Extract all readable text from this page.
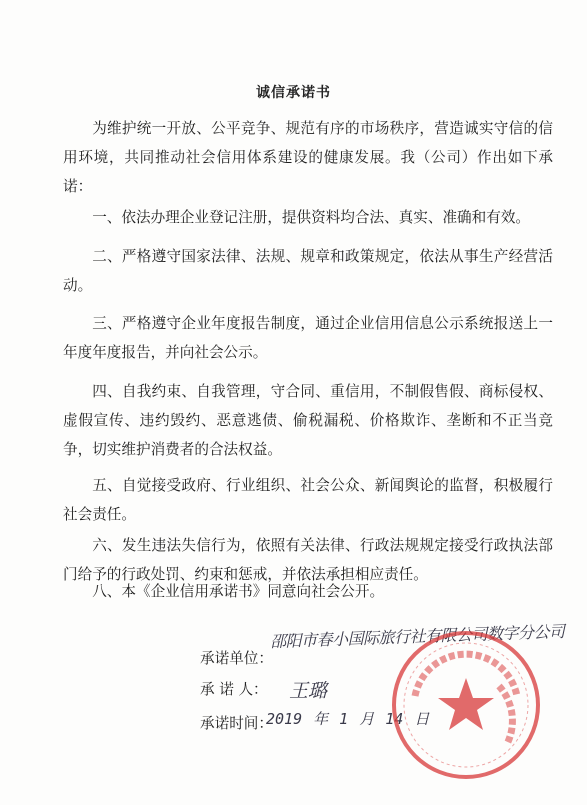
诚信承诺书

为维护统一开放、公平竞争、规范有序的市场秩序，营造诚实守信的信用环境，共同推动社会信用体系建设的健康发展。我（公司）作出如下承诺：

一、依法办理企业登记注册，提供资料均合法、真实、准确和有效。

二、严格遵守国家法律、法规、规章和政策规定，依法从事生产经营活动。

三、严格遵守企业年度报告制度，通过企业信用信息公示系统报送上一年度年度报告，并向社会公示。

四、自我约束、自我管理，守合同、重信用，不制假售假、商标侵权、虚假宣传、违约毁约、恶意逃债、偷税漏税、价格欺诈、垄断和不正当竞争，切实维护消费者的合法权益。

五、自觉接受政府、行业组织、社会公众、新闻舆论的监督，积极履行社会责任。

六、发生违法失信行为，依照有关法律、行政法规规定接受行政执法部门给予的行政处罚、约束和惩戒，并依法承担相应责任。

八、本《企业信用承诺书》同意向社会公开。

承诺单位：
承 诺 人：
承诺时间：
邵阳市春小国际旅行社有限公司数字分公司
王璐
2019 年 1 月 14 日
